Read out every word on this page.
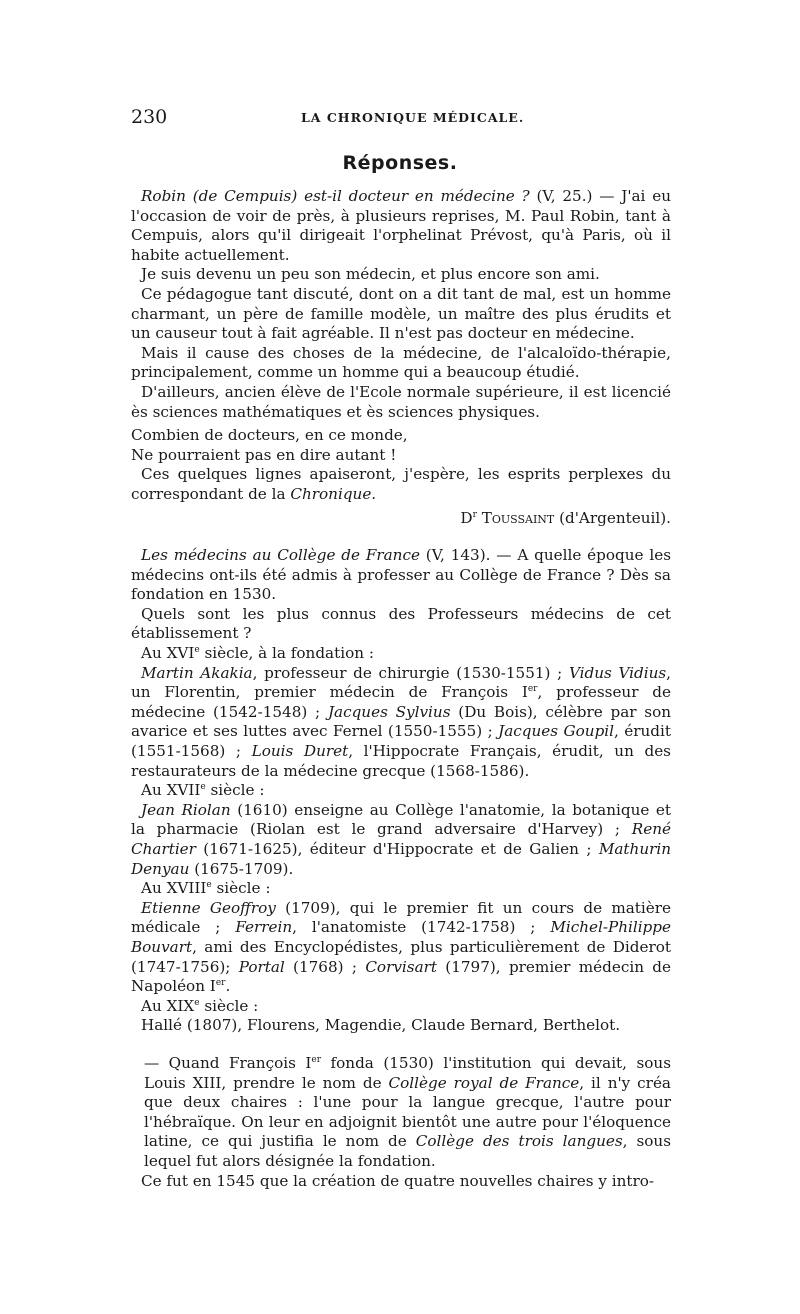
230	LA CHRONIQUE MÉDICALE.
Réponses.

Robin (de Cempuis) est-il docteur en médecine ? (V, 25.) — J'ai eu l'occasion de voir de près, à plusieurs reprises, M. Paul Robin, tant à Cempuis, alors qu'il dirigeait l'orphelinat Prévost, qu'à Paris, où il habite actuellement.

Je suis devenu un peu son médecin, et plus encore son ami.

Ce pédagogue tant discuté, dont on a dit tant de mal, est un homme charmant, un père de famille modèle, un maître des plus érudits et un causeur tout à fait agréable. Il n'est pas docteur en médecine.

Mais il cause des choses de la médecine, de l'alcaloïdo-thérapie, principalement, comme un homme qui a beaucoup étudié.

D'ailleurs, ancien élève de l'Ecole normale supérieure, il est licencié ès sciences mathématiques et ès sciences physiques.

Combien de docteurs, en ce monde,
Ne pourraient pas en dire autant !

Ces quelques lignes apaiseront, j'espère, les esprits perplexes du correspondant de la Chronique.

$D^r$ Toussaint (d'Argenteuil).

Les médecins au Collège de France (V, 143). — A quelle époque les médecins ont-ils été admis à professer au Collège de France ? Dès sa fondation en 1530.

Quels sont les plus connus des Professeurs médecins de cet établissement ?

Au XVIe siècle, à la fondation :

Martin Akakia, professeur de chirurgie (1530-1551) ; Vidus Vidius, un Florentin, premier médecin de François Ier, professeur de médecine (1542-1548) ; Jacques Sylvius (Du Bois), célèbre par son avarice et ses luttes avec Fernel (1550-1555) ; Jacques Goupil, érudit (1551-1568) ; Louis Duret, l'Hippocrate Français, érudit, un des restaurateurs de la médecine grecque (1568-1586).

Au XVIIe siècle :

Jean Riolan (1610) enseigne au Collège l'anatomie, la botanique et la pharmacie (Riolan est le grand adversaire d'Harvey) ; René Chartier (1671-1625), éditeur d'Hippocrate et de Galien ; Mathurin Denyau (1675-1709).

Au XVIIIe siècle :

Etienne Geoffroy (1709), qui le premier fit un cours de matière médicale ; Ferrein, l'anatomiste (1742-1758) ; Michel-Philippe Bouvart, ami des Encyclopédistes, plus particulièrement de Diderot (1747-1756); Portal (1768) ; Corvisart (1797), premier médecin de Napoléon Ier.

Au XIXe siècle :

Hallé (1807), Flourens, Magendie, Claude Bernard, Berthelot.

— Quand François Ier fonda (1530) l'institution qui devait, sous Louis XIII, prendre le nom de Collège royal de France, il n'y créa que deux chaires : l'une pour la langue grecque, l'autre pour l'hébraïque. On leur en adjoignit bientôt une autre pour l'éloquence latine, ce qui justifia le nom de Collège des trois langues, sous lequel fut alors désignée la fondation.

Ce fut en 1545 que la création de quatre nouvelles chaires y intro-
